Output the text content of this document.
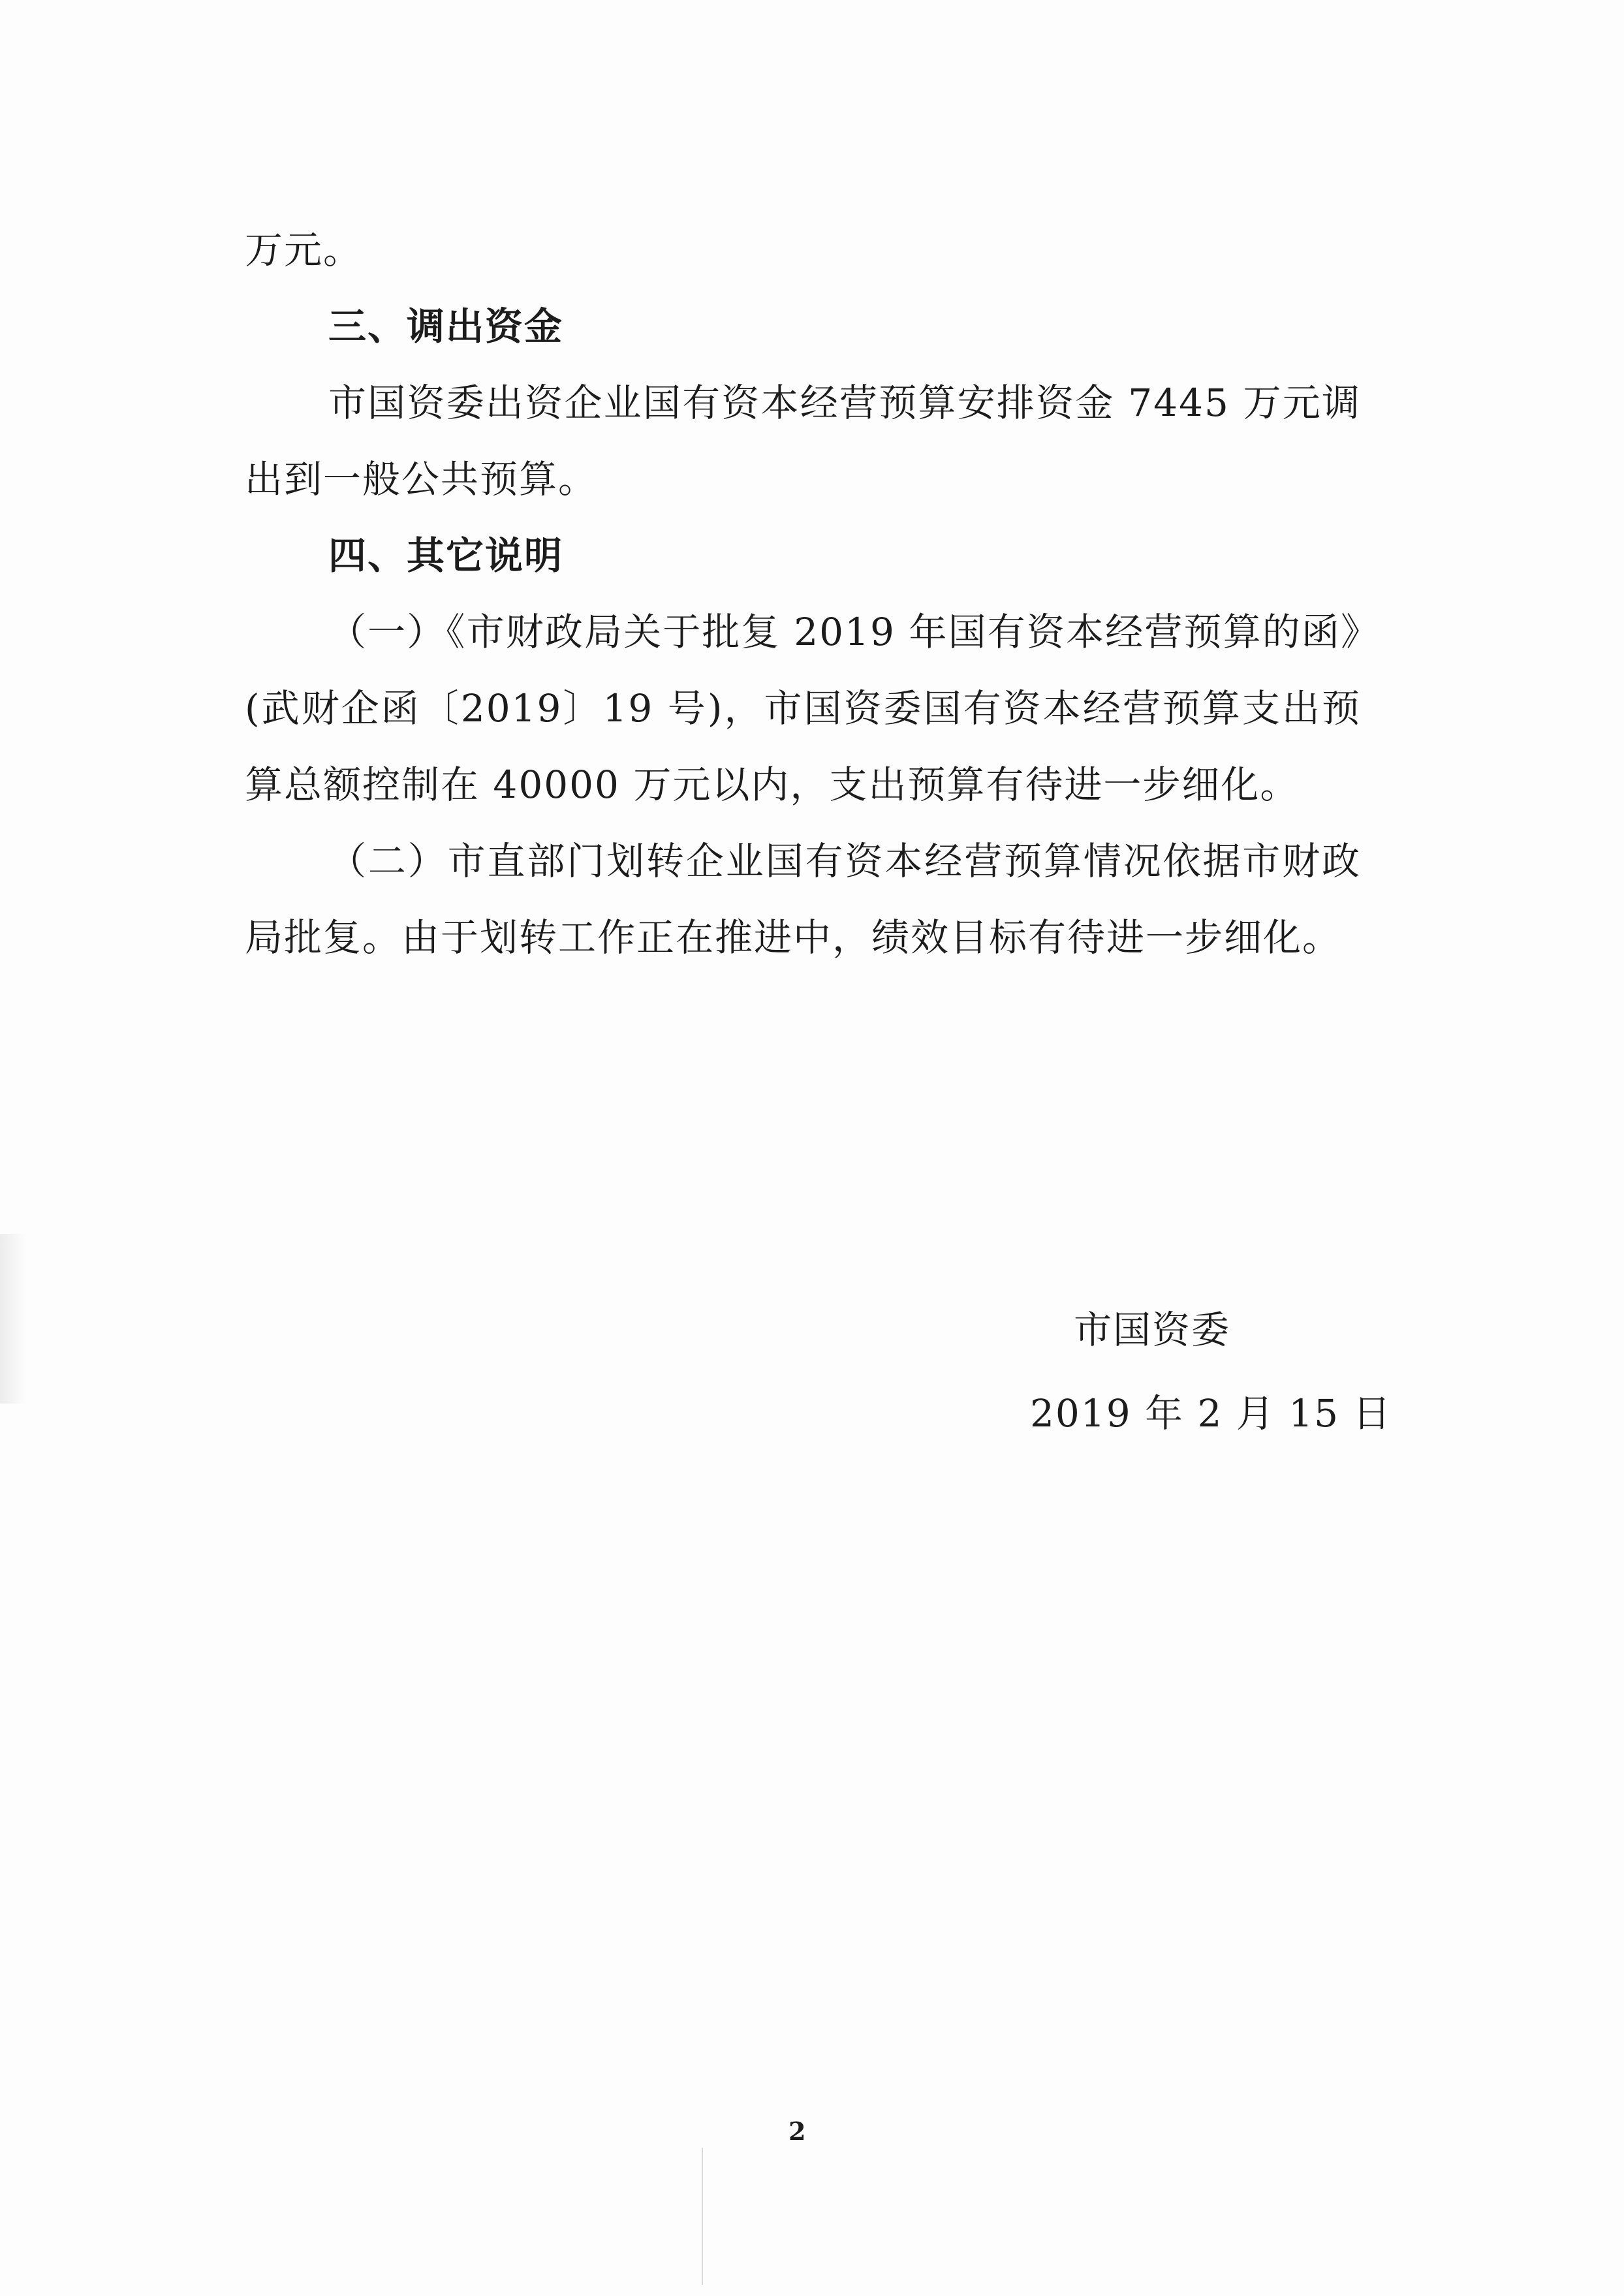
万元。

三、调出资金

市国资委出资企业国有资本经营预算安排资金 7445 万元调出到一般公共预算。

四、其它说明

（一）《市财政局关于批复 2019 年国有资本经营预算的函》(武财企函〔2019〕19 号)，市国资委国有资本经营预算支出预算总额控制在 40000 万元以内，支出预算有待进一步细化。

（二）市直部门划转企业国有资本经营预算情况依据市财政局批复。由于划转工作正在推进中，绩效目标有待进一步细化。

市国资委
2019 年 2 月 15 日
2
